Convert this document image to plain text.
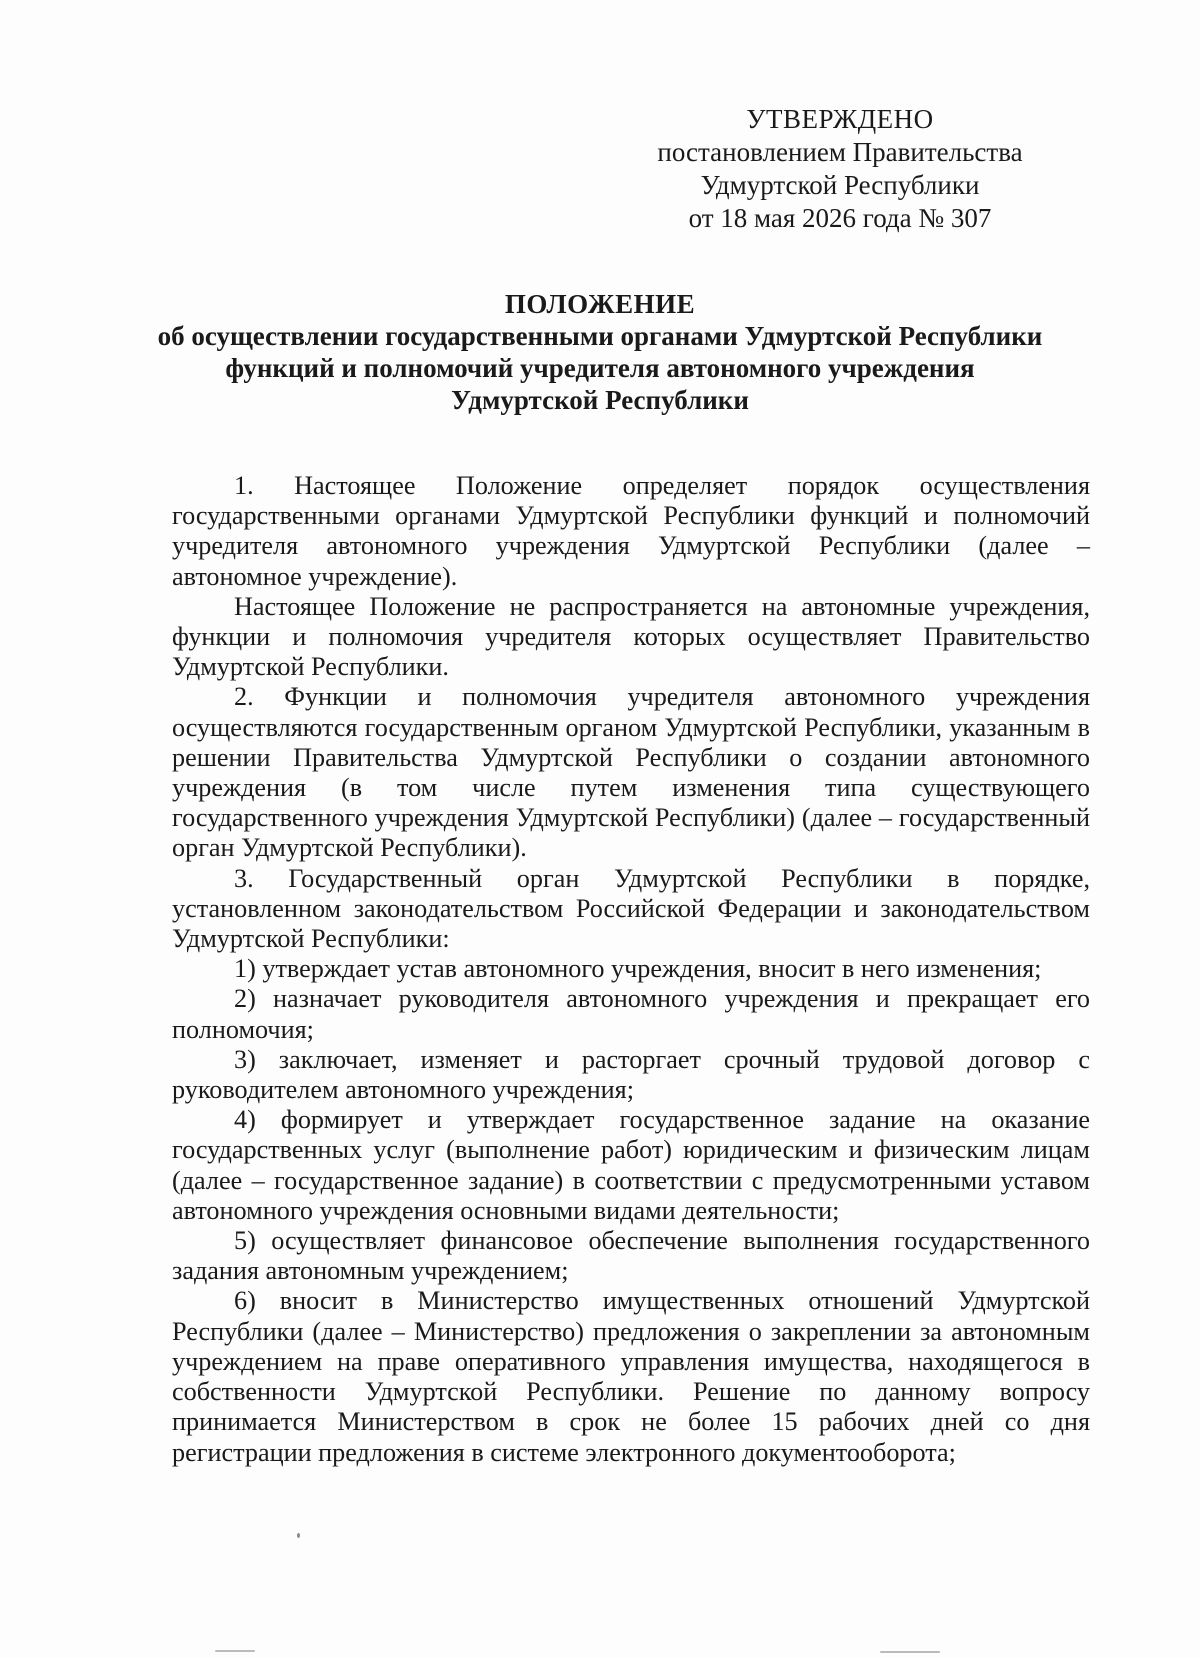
УТВЕРЖДЕНО
постановлением Правительства
Удмуртской Республики
от 18 мая 2026 года № 307
ПОЛОЖЕНИЕ
об осуществлении государственными органами Удмуртской Республики
функций и полномочий учредителя автономного учреждения
Удмуртской Республики

1. Настоящее Положение определяет порядок осуществления государственными органами Удмуртской Республики функций и полномочий учредителя автономного учреждения Удмуртской Республики (далее – автономное учреждение).

Настоящее Положение не распространяется на автономные учреждения, функции и полномочия учредителя которых осуществляет Правительство Удмуртской Республики.

2. Функции и полномочия учредителя автономного учреждения осуществляются государственным органом Удмуртской Республики, указанным в решении Правительства Удмуртской Республики о создании автономного учреждения (в том числе путем изменения типа существующего государственного учреждения Удмуртской Республики) (далее – государственный орган Удмуртской Республики).

3. Государственный орган Удмуртской Республики в порядке, установленном законодательством Российской Федерации и законодательством Удмуртской Республики:

1) утверждает устав автономного учреждения, вносит в него изменения;

2) назначает руководителя автономного учреждения и прекращает его полномочия;

3) заключает, изменяет и расторгает срочный трудовой договор с руководителем автономного учреждения;

4) формирует и утверждает государственное задание на оказание государственных услуг (выполнение работ) юридическим и физическим лицам (далее – государственное задание) в соответствии с предусмотренными уставом автономного учреждения основными видами деятельности;

5) осуществляет финансовое обеспечение выполнения государственного задания автономным учреждением;

6) вносит в Министерство имущественных отношений Удмуртской Республики (далее – Министерство) предложения о закреплении за автономным учреждением на праве оперативного управления имущества, находящегося в собственности Удмуртской Республики. Решение по данному вопросу принимается Министерством в срок не более 15 рабочих дней со дня регистрации предложения в системе электронного документооборота;
